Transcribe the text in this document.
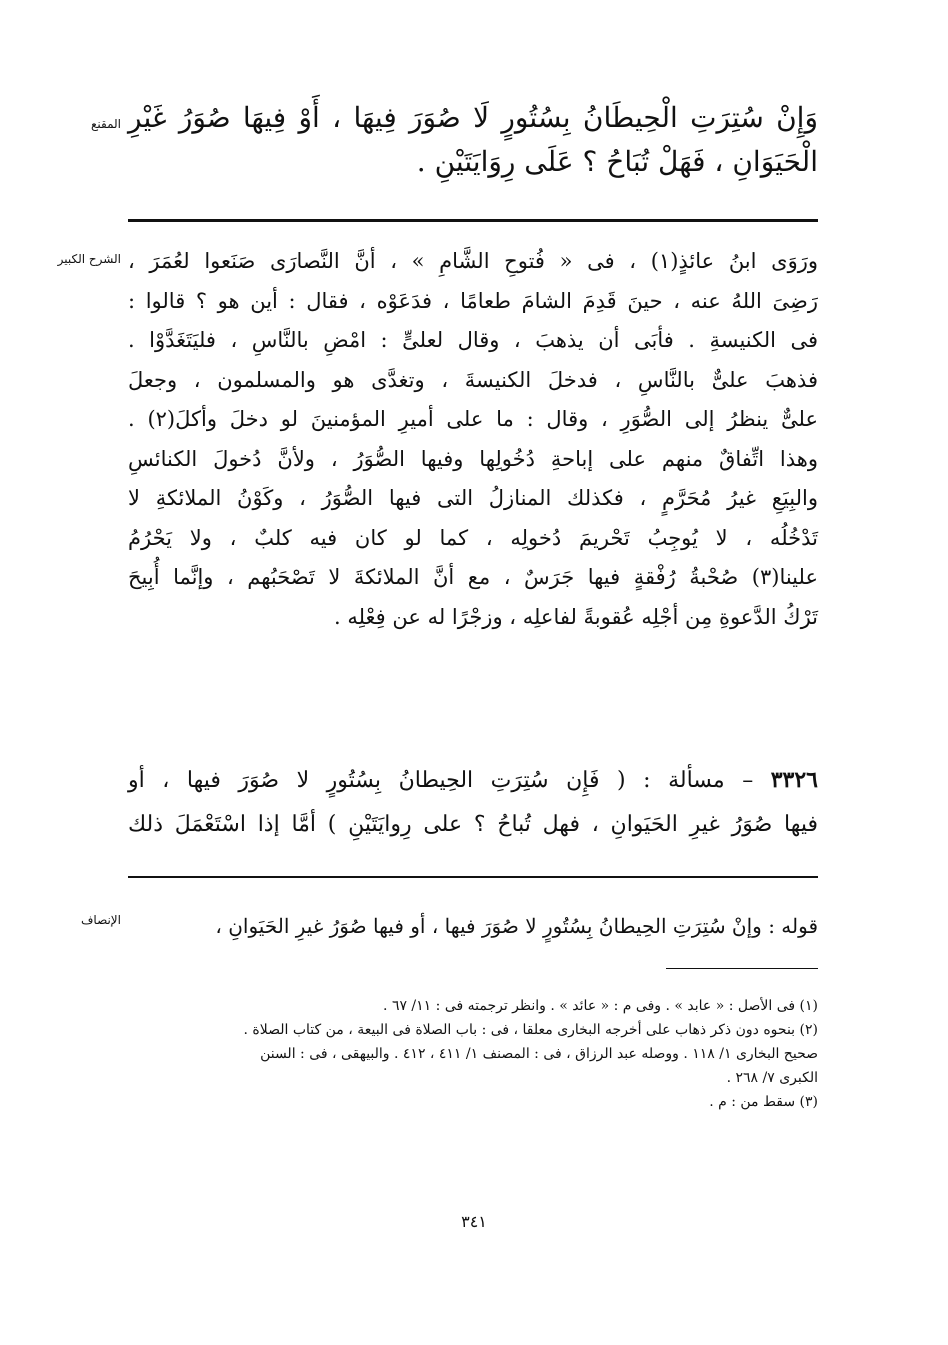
المقنع وَإِنْ سُتِرَتِ الْحِيطَانُ بِسُتُورٍ لَا صُوَرَ فِيهَا ، أَوْ فِيهَا صُوَرُ غَيْرِ
الْحَيَوَانِ ، فَهَلْ تُبَاحُ ؟ عَلَى رِوَايَتَيْنِ .
الشرح الكبير ورَوَى ابنُ عائذٍ(١) ، فى « فُتوحِ الشَّامِ » ، أنَّ النَّصارَى صَنَعوا لعُمَرَ ،
رَضِىَ اللهُ عنه ، حينَ قَدِمَ الشامَ طعامًا ، فدَعَوْه ، فقال : أين هو ؟ قالوا :
فى الكنيسةِ . فأبَى أن يذهبَ ، وقال لعلىٍّ : امْضِ بالنَّاسِ ، فليَتَغَدَّوْا .
فذهبَ علىٌّ بالنَّاسِ ، فدخلَ الكنيسةَ ، وتغدَّى هو والمسلمون ، وجعلَ
علىٌّ ينظرُ إلى الصُّوَرِ ، وقال : ما على أميرِ المؤمنينَ لو دخلَ وأكلَ(٢) .
وهذا اتِّفاقٌ منهم على إباحةِ دُخُولِها وفيها الصُّوَرُ ، ولأنَّ دُخولَ الكنائسِ
والبِيَعِ غيرُ مُحَرَّمٍ ، فكذلك المنازلُ التى فيها الصُّوَرُ ، وكَوْنُ الملائكةِ لا
تَدْخُلُه ، لا يُوجِبُ تَحْريمَ دُخولِه ، كما لو كان فيه كلبٌ ، ولا يَحْرُمُ
علينا(٣) صُحْبةُ رُفْقةٍ فيها جَرَسٌ ، مع أنَّ الملائكةَ لا تَصْحَبُهم ، وإنَّما أُبِيحَ
تَرْكُ الدَّعوةِ مِن أجْلِه عُقوبةً لفاعلِه ، وزجْرًا له عن فِعْلِه .
٣٣٢٦ – مسألة : ( فَإِن سُتِرَتِ الحِيطانُ بِسُتُورٍ لا صُوَرَ فيها ، أو
فيها صُوَرُ غيرِ الحَيَوانِ ، فهل تُباحُ ؟ على رِوايَتَيْنِ ) أمَّا إذا اسْتَعْمَلَ ذلك
الإنصاف	قوله : وإنْ سُتِرَتِ الحِيطانُ بِسُتُورٍ لا صُوَرَ فيها ، أو فيها صُوَرُ غيرِ الحَيَوانِ ،
(١) فى الأصل : « عابد » . وفى م : « عائد » . وانظر ترجمته فى : ١١/ ٦٧ .
(٢) بنحوه دون ذكر ذهاب على أخرجه البخارى معلقا ، فى : باب الصلاة فى البيعة ، من كتاب الصلاة .
صحيح البخارى ١/ ١١٨ . ووصله عبد الرزاق ، فى : المصنف ١/ ٤١١ ، ٤١٢ . والبيهقى ، فى : السنن
الكبرى ٧/ ٢٦٨ .
(٣) سقط من : م .
٣٤١
